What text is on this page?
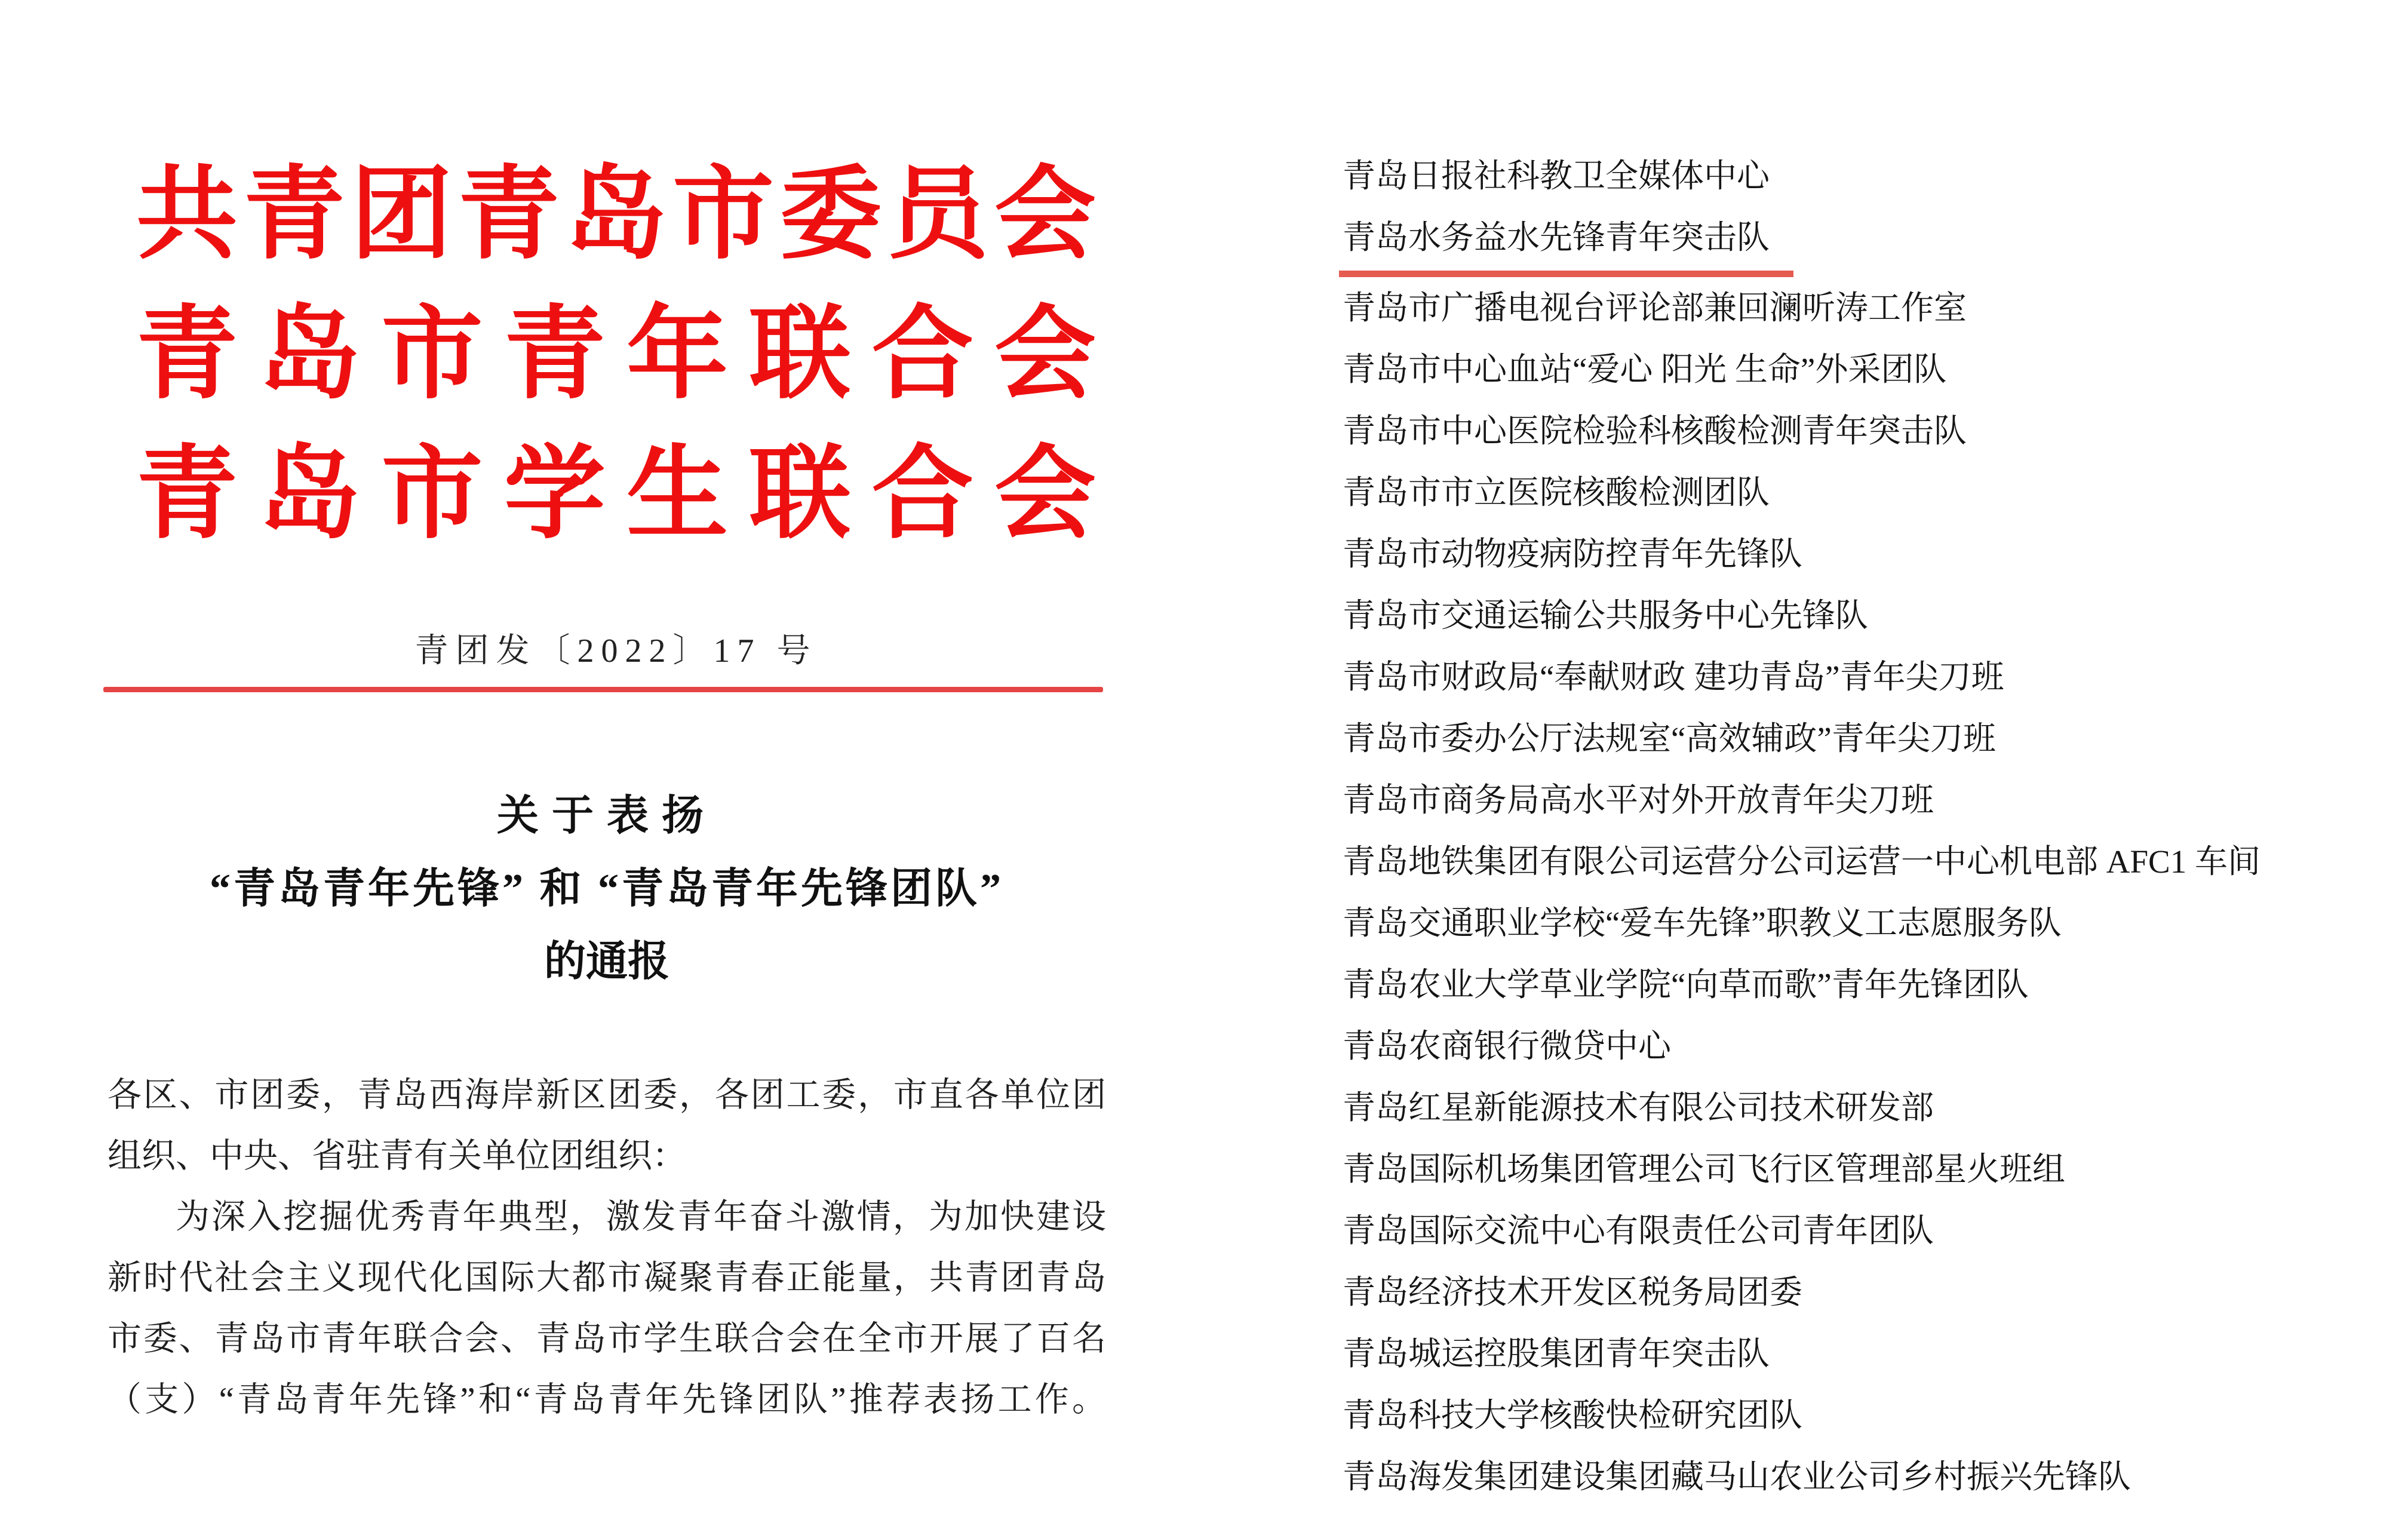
共青团青岛市委员会
青岛市青年联合会
青岛市学生联合会
青团发〔2022〕17 号
关于表扬
“青岛青年先锋” 和 “青岛青年先锋团队”
的通报
各区、市团委，青岛西海岸新区团委，各团工委，市直各单位团
组织、中央、省驻青有关单位团组织：
为深入挖掘优秀青年典型，激发青年奋斗激情，为加快建设
新时代社会主义现代化国际大都市凝聚青春正能量，共青团青岛
市委、青岛市青年联合会、青岛市学生联合会在全市开展了百名
（支）“青岛青年先锋”和“青岛青年先锋团队”推荐表扬工作。
青岛日报社科教卫全媒体中心
青岛水务益水先锋青年突击队
青岛市广播电视台评论部兼回澜听涛工作室
青岛市中心血站“爱心 阳光 生命”外采团队
青岛市中心医院检验科核酸检测青年突击队
青岛市市立医院核酸检测团队
青岛市动物疫病防控青年先锋队
青岛市交通运输公共服务中心先锋队
青岛市财政局“奉献财政 建功青岛”青年尖刀班
青岛市委办公厅法规室“高效辅政”青年尖刀班
青岛市商务局高水平对外开放青年尖刀班
青岛地铁集团有限公司运营分公司运营一中心机电部 AFC1 车间
青岛交通职业学校“爱车先锋”职教义工志愿服务队
青岛农业大学草业学院“向草而歌”青年先锋团队
青岛农商银行微贷中心
青岛红星新能源技术有限公司技术研发部
青岛国际机场集团管理公司飞行区管理部星火班组
青岛国际交流中心有限责任公司青年团队
青岛经济技术开发区税务局团委
青岛城运控股集团青年突击队
青岛科技大学核酸快检研究团队
青岛海发集团建设集团藏马山农业公司乡村振兴先锋队
